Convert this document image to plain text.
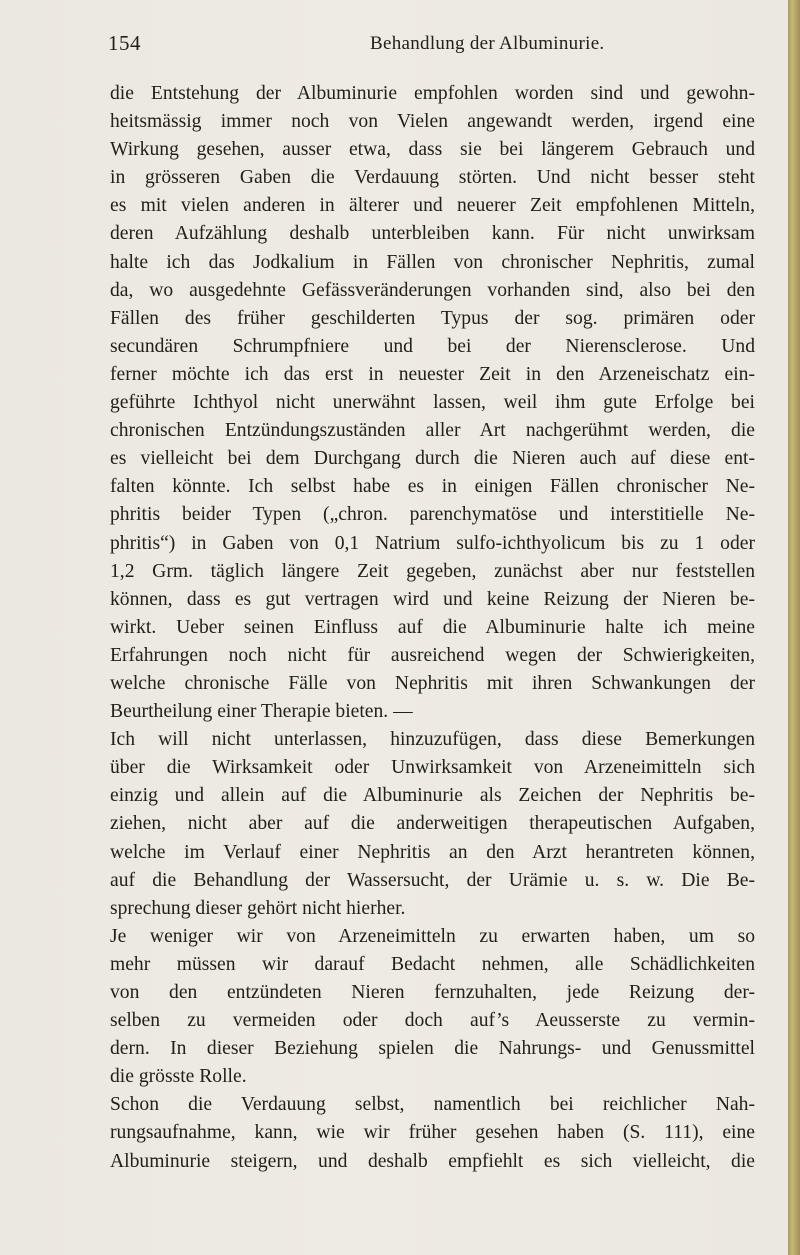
154	Behandlung der Albuminurie.
die Entstehung der Albuminurie empfohlen worden sind und gewohn-
heitsmässig immer noch von Vielen angewandt werden, irgend eine
Wirkung gesehen, ausser etwa, dass sie bei längerem Gebrauch und
in grösseren Gaben die Verdauung störten. Und nicht besser steht
es mit vielen anderen in älterer und neuerer Zeit empfohlenen Mitteln,
deren Aufzählung deshalb unterbleiben kann. Für nicht unwirksam
halte ich das Jodkalium in Fällen von chronischer Nephritis, zumal
da, wo ausgedehnte Gefässveränderungen vorhanden sind, also bei den
Fällen des früher geschilderten Typus der sog. primären oder
secundären Schrumpfniere und bei der Nierensclerose. Und
ferner möchte ich das erst in neuester Zeit in den Arzeneischatz ein-
geführte Ichthyol nicht unerwähnt lassen, weil ihm gute Erfolge bei
chronischen Entzündungszuständen aller Art nachgerühmt werden, die
es vielleicht bei dem Durchgang durch die Nieren auch auf diese ent-
falten könnte. Ich selbst habe es in einigen Fällen chronischer Ne-
phritis beider Typen („chron. parenchymatöse und interstitielle Ne-
phritis“) in Gaben von 0,1 Natrium sulfo-ichthyolicum bis zu 1 oder
1,2 Grm. täglich längere Zeit gegeben, zunächst aber nur feststellen
können, dass es gut vertragen wird und keine Reizung der Nieren be-
wirkt. Ueber seinen Einfluss auf die Albuminurie halte ich meine
Erfahrungen noch nicht für ausreichend wegen der Schwierigkeiten,
welche chronische Fälle von Nephritis mit ihren Schwankungen der
Beurtheilung einer Therapie bieten. —
Ich will nicht unterlassen, hinzuzufügen, dass diese Bemerkungen
über die Wirksamkeit oder Unwirksamkeit von Arzeneimitteln sich
einzig und allein auf die Albuminurie als Zeichen der Nephritis be-
ziehen, nicht aber auf die anderweitigen therapeutischen Aufgaben,
welche im Verlauf einer Nephritis an den Arzt herantreten können,
auf die Behandlung der Wassersucht, der Urämie u. s. w. Die Be-
sprechung dieser gehört nicht hierher.
Je weniger wir von Arzeneimitteln zu erwarten haben, um so
mehr müssen wir darauf Bedacht nehmen, alle Schädlichkeiten
von den entzündeten Nieren fernzuhalten, jede Reizung der-
selben zu vermeiden oder doch auf’s Aeusserste zu vermin-
dern. In dieser Beziehung spielen die Nahrungs- und Genussmittel
die grösste Rolle.
Schon die Verdauung selbst, namentlich bei reichlicher Nah-
rungsaufnahme, kann, wie wir früher gesehen haben (S. 111), eine
Albuminurie steigern, und deshalb empfiehlt es sich vielleicht, die
